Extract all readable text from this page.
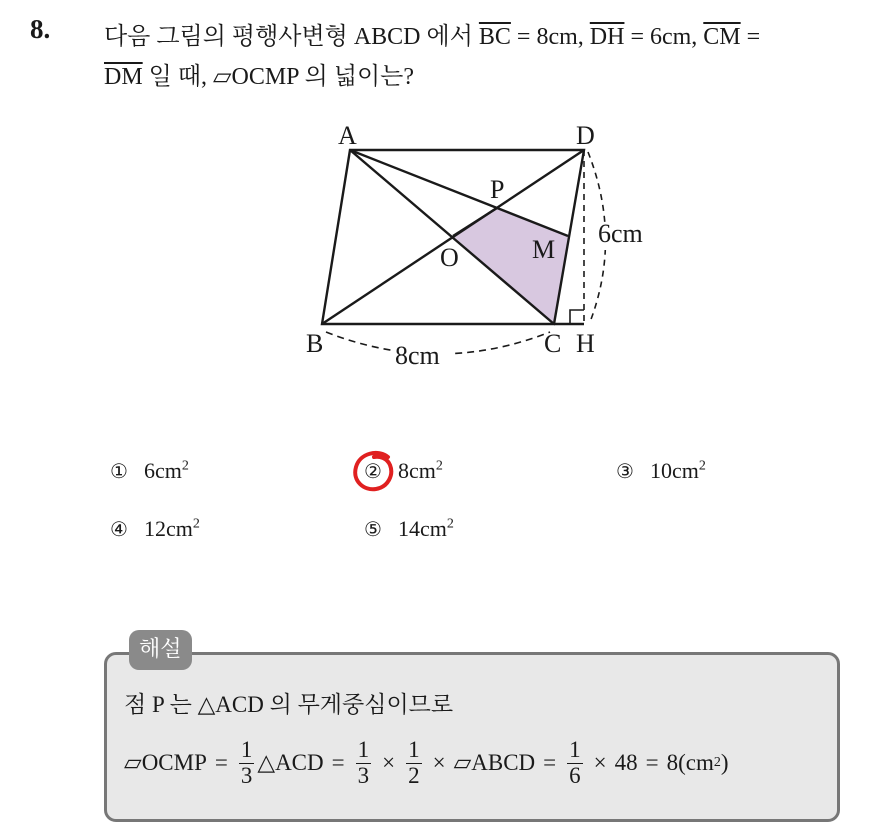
8. 다음 그림의 평행사변형 ABCD 에서 $\overline{BC} = 8cm$, $\overline{DH} = 6cm$, $\overline{CM}$ =
$\overline{DM}$ 일 때, ▱OCMP 의 넓이는?
A	D
B	C H
O
P
M
6cm
8cm
① $6cm^2$	② $8cm^2$	③ $10cm^2$
④ $12cm^2$	⑤ $14cm^2$
해설
점 P 는 △ACD 의 무게중심이므로
▱OCMP = $\frac{1}{3}$ △ACD = $\frac{1}{3} \times \frac{1}{2}$ × ▱ABCD = $\frac{1}{6} \times 48 = 8(cm$ 2 )
